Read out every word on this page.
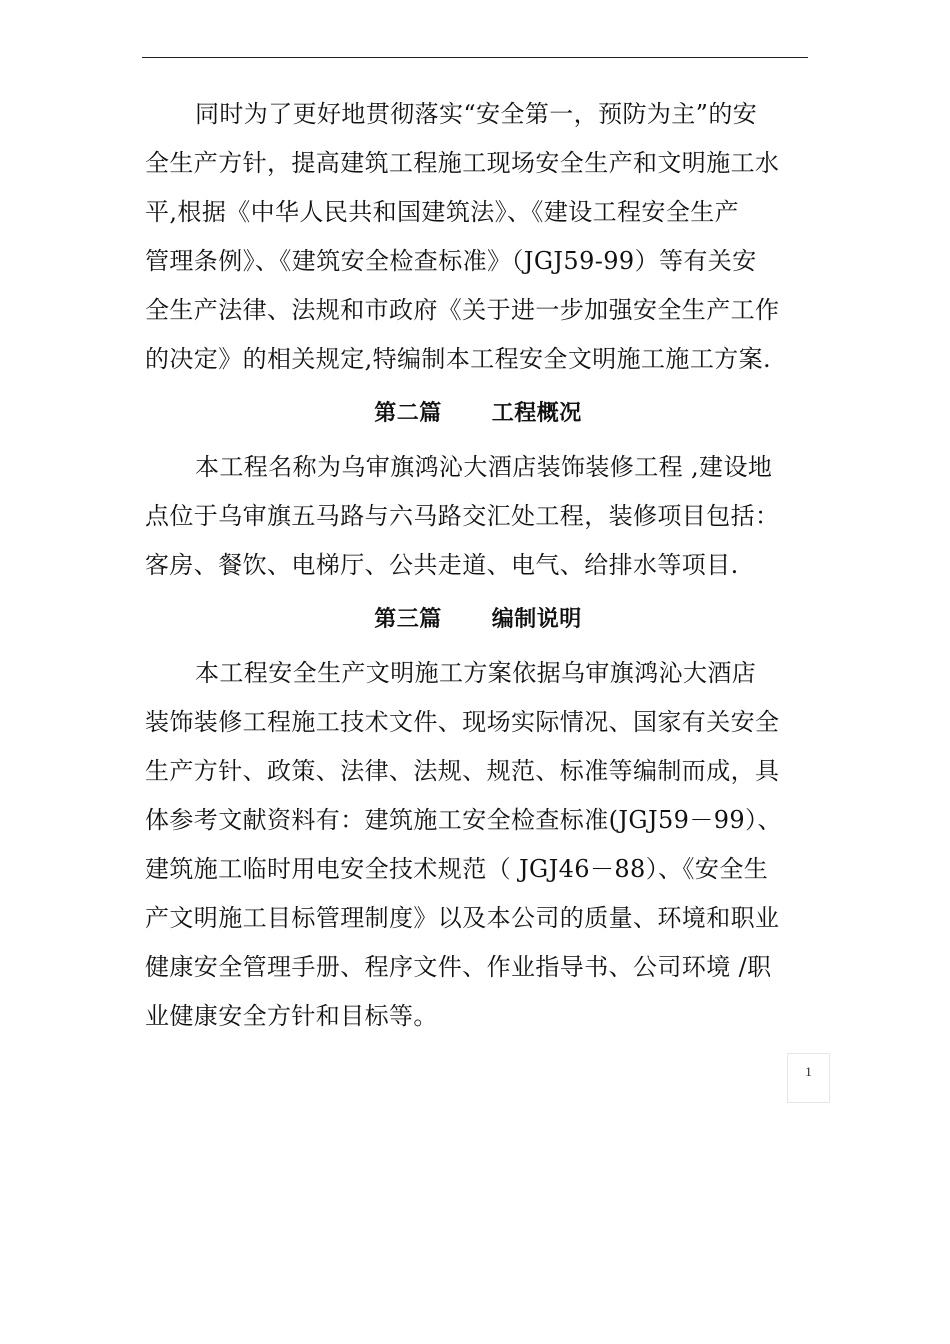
同时为了更好地贯彻落实“安全第一，预防为主”的安
全生产方针，提高建筑工程施工现场安全生产和文明施工水
平,根据《中华人民共和国建筑法》、《建设工程安全生产
管理条例》、《建筑安全检查标准》（JGJ59-99）等有关安
全生产法律、法规和市政府《关于进一步加强安全生产工作
的决定》的相关规定,特编制本工程安全文明施工施工方案.
第二篇 工程概况
本工程名称为乌审旗鸿沁大酒店装饰装修工程 ,建设地
点位于乌审旗五马路与六马路交汇处工程，装修项目包括：
客房、餐饮、电梯厅、公共走道、电气、给排水等项目.
第三篇 编制说明
本工程安全生产文明施工方案依据乌审旗鸿沁大酒店
装饰装修工程施工技术文件、现场实际情况、国家有关安全
生产方针、政策、法律、法规、规范、标准等编制而成，具
体参考文献资料有：建筑施工安全检查标准(JGJ59－99）、
建筑施工临时用电安全技术规范（ JGJ46－88）、《安全生
产文明施工目标管理制度》以及本公司的质量、环境和职业
健康安全管理手册、程序文件、作业指导书、公司环境 /职
业健康安全方针和目标等。
1
